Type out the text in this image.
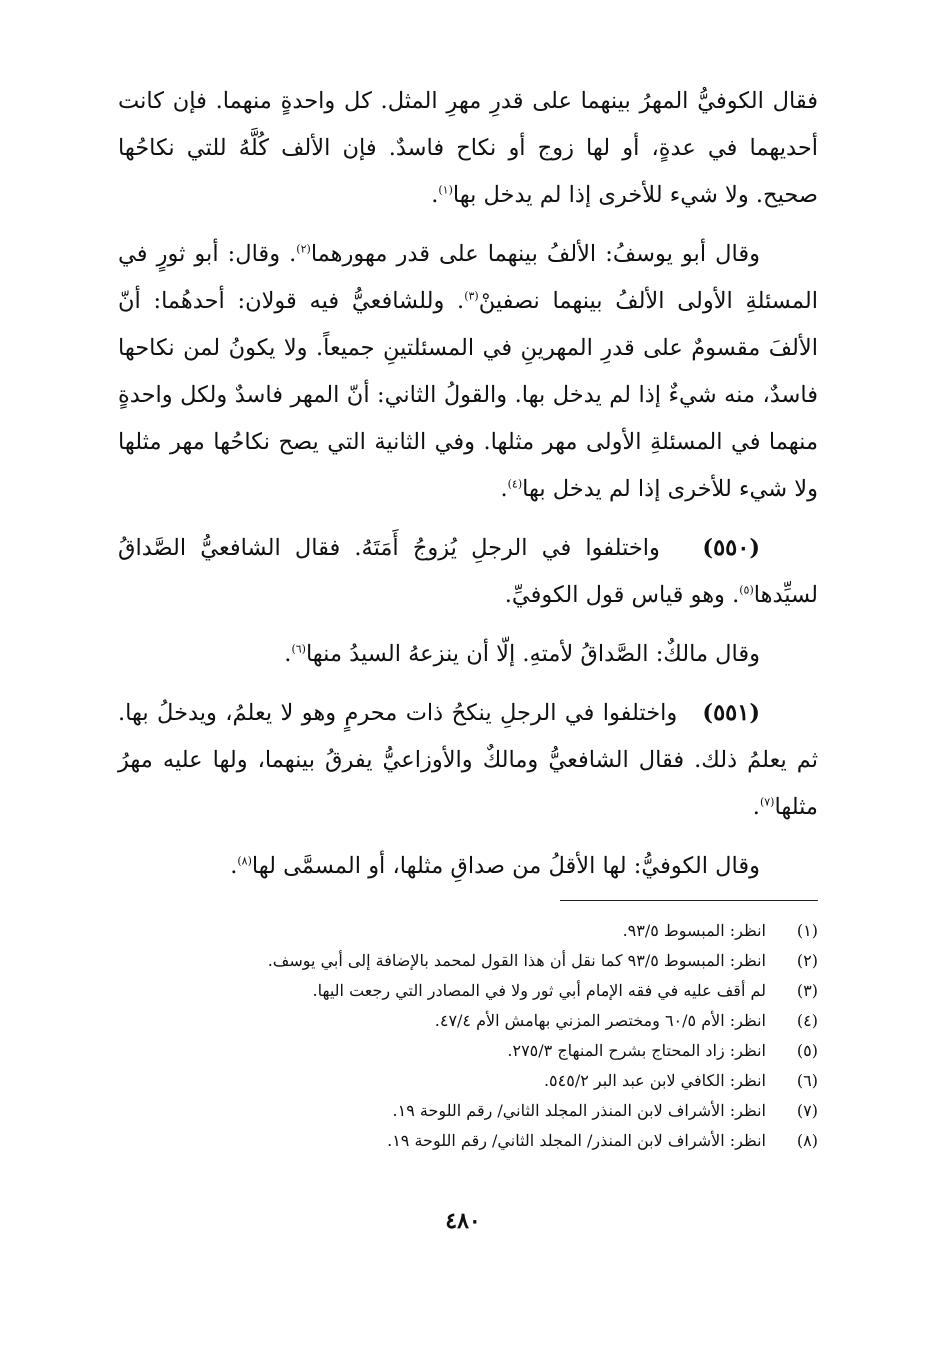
فقال الكوفيُّ المهرُ بينهما على قدرِ مهرِ المثل. كل واحدةٍ منهما. فإن كانت أحديهما في عدةٍ، أو لها زوج أو نكاح فاسدٌ. فإن الألف كُلَّهُ للتي نكاحُها صحيح. ولا شيء للأخرى إذا لم يدخل بها$^{(١)}$.

وقال أبو يوسفُ: الألفُ بينهما على قدر مهورهما$^{(٢)}$. وقال: أبو ثورٍ في المسئلةِ الأولى الألفُ بينهما نصفينْ$^{(٣)}$. وللشافعيُّ فيه قولان: أحدهُما: أنّ الألفَ مقسومٌ على قدرِ المهرينِ في المسئلتينِ جميعاً. ولا يكونُ لمن نكاحها فاسدٌ، منه شيءٌ إذا لم يدخل بها. والقولُ الثاني: أنّ المهر فاسدٌ ولكل واحدةٍ منهما في المسئلةِ الأولى مهر مثلها. وفي الثانية التي يصح نكاحُها مهر مثلها ولا شيء للأخرى إذا لم يدخل بها$^{(٤)}$.

(٥٥٠)   واختلفوا في الرجلِ يُزوجُ أَمَتَهُ. فقال الشافعيُّ الصَّداقُ لسيِّدها$^{(٥)}$. وهو قياس قول الكوفيِّ.

وقال مالكٌ: الصَّداقُ لأمتهِ. إلّا أن ينزعهُ السيدُ منها$^{(٦)}$.

(٥٥١)   واختلفوا في الرجلِ ينكحُ ذات محرمٍ وهو لا يعلمُ، ويدخلُ بها. ثم يعلمُ ذلك. فقال الشافعيُّ ومالكٌ والأوزاعيُّ يفرقُ بينهما، ولها عليه مهرُ مثلها$^{(٧)}$.

وقال الكوفيُّ: لها الأقلُ من صداقِ مثلها، أو المسمَّى لها$^{(٨)}$.

(١)
انظر: المبسوط ٩٣/٥.
(٢)
انظر: المبسوط ٩٣/٥ كما نقل أن هذا القول لمحمد بالإضافة إلى أبي يوسف.
(٣)
لم أقف عليه في فقه الإمام أبي ثور ولا في المصادر التي رجعت اليها.
(٤)
انظر: الأم ٦٠/٥ ومختصر المزني بهامش الأم ٤٧/٤.
(٥)
انظر: زاد المحتاج بشرح المنهاج ٢٧٥/٣.
(٦)
انظر: الكافي لابن عبد البر ٥٤٥/٢.
(٧)
انظر: الأشراف لابن المنذر المجلد الثاني/ رقم اللوحة ١٩.
(٨)
انظر: الأشراف لابن المنذر/ المجلد الثاني/ رقم اللوحة ١٩.
٤٨٠
